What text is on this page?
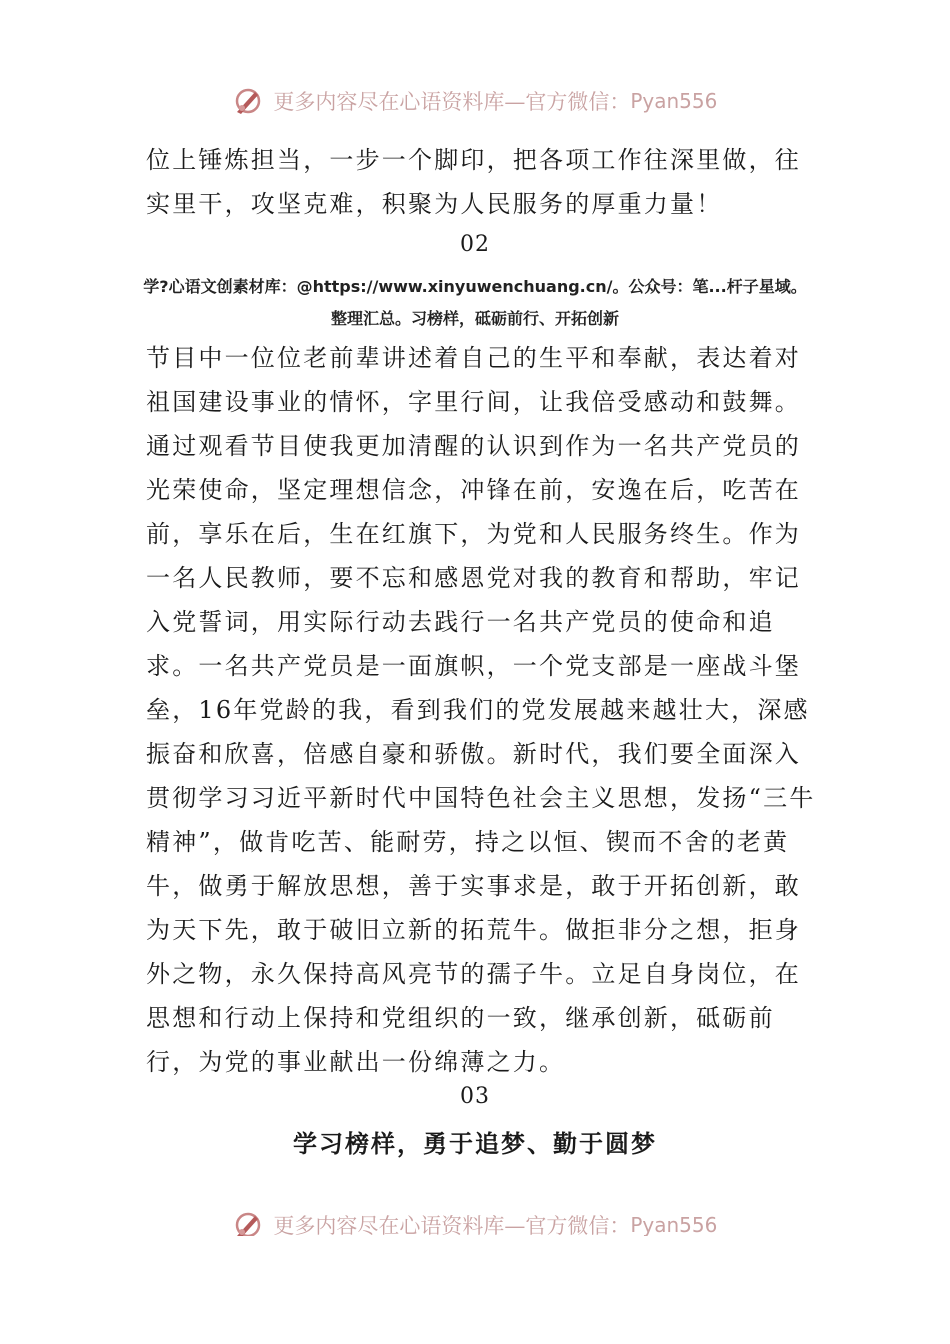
更多内容尽在心语资料库—官方微信：Pyan556

位上锤炼担当，一步一个脚印，把各项工作往深里做，往实里干，攻坚克难，积聚为人民服务的厚重力量！

02

学?心语文创素材库：@https://www.xinyuwenchuang.cn/。公众号：笔...杆子星域。整理汇总。习榜样，砥砺前行、开拓创新

节目中一位位老前辈讲述着自己的生平和奉献，表达着对祖国建设事业的情怀，字里行间，让我倍受感动和鼓舞。通过观看节目使我更加清醒的认识到作为一名共产党员的光荣使命，坚定理想信念，冲锋在前，安逸在后，吃苦在前，享乐在后，生在红旗下，为党和人民服务终生。作为一名人民教师，要不忘和感恩党对我的教育和帮助，牢记入党誓词，用实际行动去践行一名共产党员的使命和追求。一名共产党员是一面旗帜，一个党支部是一座战斗堡垒，16年党龄的我，看到我们的党发展越来越壮大，深感振奋和欣喜，倍感自豪和骄傲。新时代，我们要全面深入贯彻学习习近平新时代中国特色社会主义思想，发扬“三牛精神”，做肯吃苦、能耐劳，持之以恒、锲而不舍的老黄牛，做勇于解放思想，善于实事求是，敢于开拓创新，敢为天下先，敢于破旧立新的拓荒牛。做拒非分之想，拒身外之物，永久保持高风亮节的孺子牛。立足自身岗位，在思想和行动上保持和党组织的一致，继承创新，砥砺前行，为党的事业献出一份绵薄之力。

03

学习榜样，勇于追梦、勤于圆梦
更多内容尽在心语资料库—官方微信：Pyan556
